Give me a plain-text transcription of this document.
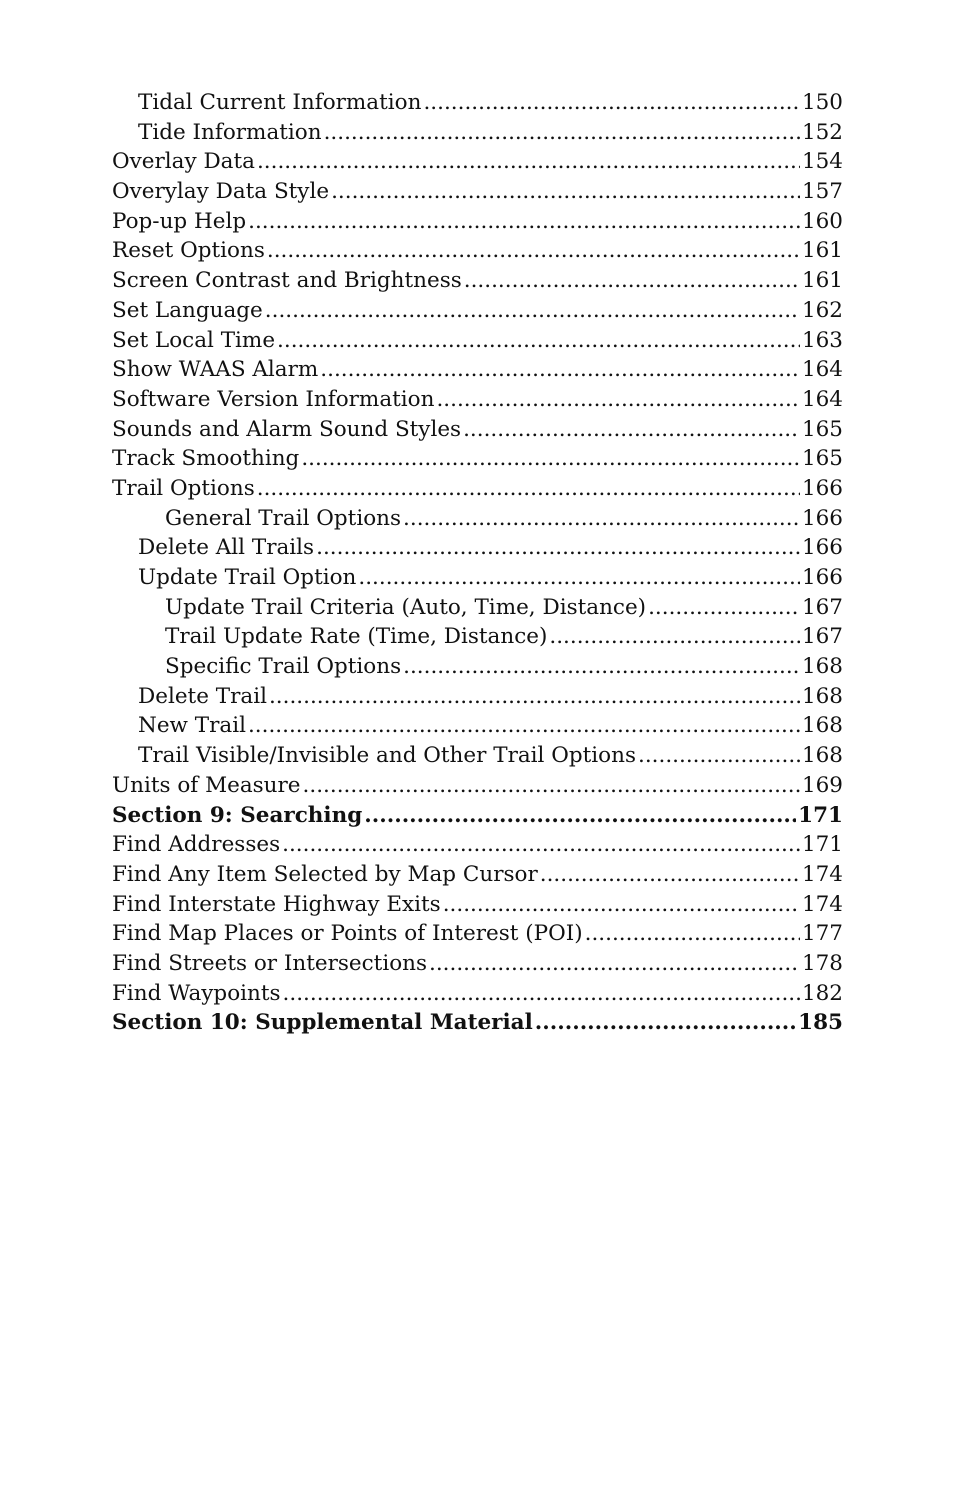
Tidal Current Information .....	150
Tide Information .....	152
Overlay Data .....	154
Overylay Data Style .....	157
Pop-up Help .....	160
Reset Options .....	161
Screen Contrast and Brightness .....	161
Set Language .....	162
Set Local Time .....	163
Show WAAS Alarm .....	164
Software Version Information .....	164
Sounds and Alarm Sound Styles .....	165
Track Smoothing .....	165
Trail Options .....	166
General Trail Options .....	166
Delete All Trails .....	166
Update Trail Option .....	166
Update Trail Criteria (Auto, Time, Distance) .....	167
Trail Update Rate (Time, Distance) .....	167
Specific Trail Options .....	168
Delete Trail .....	168
New Trail .....	168
Trail Visible/Invisible and Other Trail Options .....	168
Units of Measure .....	169
Section 9: Searching .....	171
Find Addresses .....	171
Find Any Item Selected by Map Cursor .....	174
Find Interstate Highway Exits .....	174
Find Map Places or Points of Interest (POI) .....	177
Find Streets or Intersections .....	178
Find Waypoints .....	182
Section 10: Supplemental Material .....	185
